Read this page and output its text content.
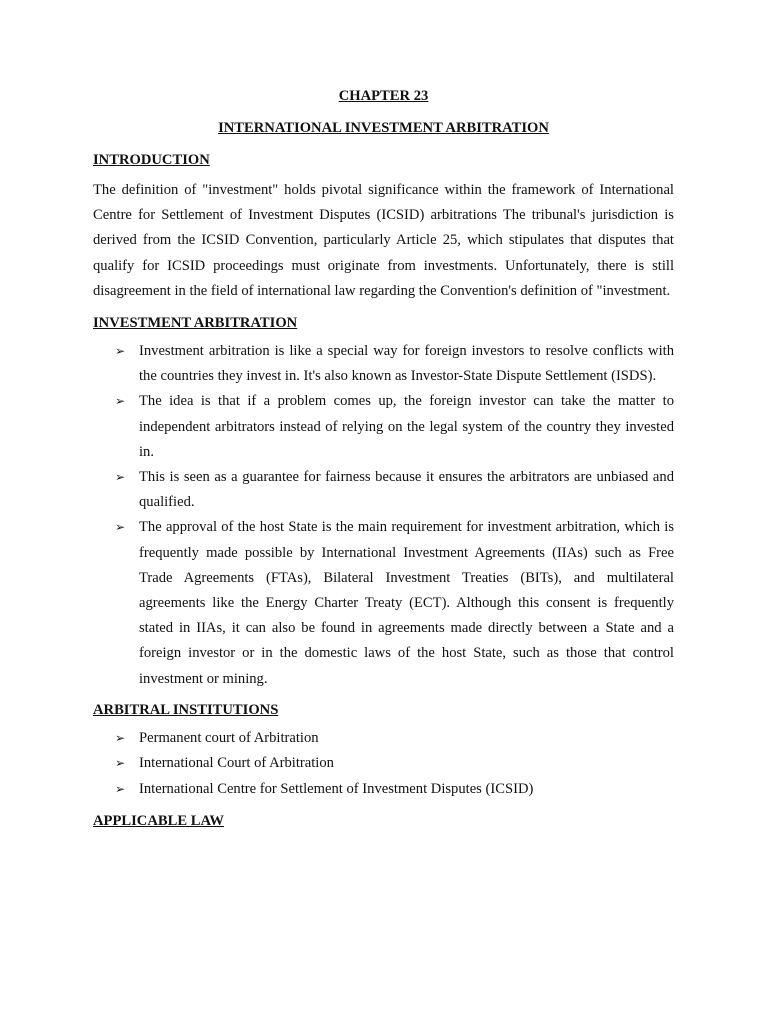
CHAPTER 23

INTERNATIONAL INVESTMENT ARBITRATION

INTRODUCTION

The definition of "investment" holds pivotal significance within the framework of International Centre for Settlement of Investment Disputes (ICSID) arbitrations The tribunal's jurisdiction is derived from the ICSID Convention, particularly Article 25, which stipulates that disputes that qualify for ICSID proceedings must originate from investments. Unfortunately, there is still disagreement in the field of international law regarding the Convention's definition of "investment.

INVESTMENT ARBITRATION

➢ Investment arbitration is like a special way for foreign investors to resolve conflicts with the countries they invest in. It's also known as Investor-State Dispute Settlement (ISDS).
➢ The idea is that if a problem comes up, the foreign investor can take the matter to independent arbitrators instead of relying on the legal system of the country they invested in.
➢ This is seen as a guarantee for fairness because it ensures the arbitrators are unbiased and qualified.
➢ The approval of the host State is the main requirement for investment arbitration, which is frequently made possible by International Investment Agreements (IIAs) such as Free Trade Agreements (FTAs), Bilateral Investment Treaties (BITs), and multilateral agreements like the Energy Charter Treaty (ECT). Although this consent is frequently stated in IIAs, it can also be found in agreements made directly between a State and a foreign investor or in the domestic laws of the host State, such as those that control investment or mining.

ARBITRAL INSTITUTIONS

➢ Permanent court of Arbitration
➢ International Court of Arbitration
➢ International Centre for Settlement of Investment Disputes (ICSID)

APPLICABLE LAW
